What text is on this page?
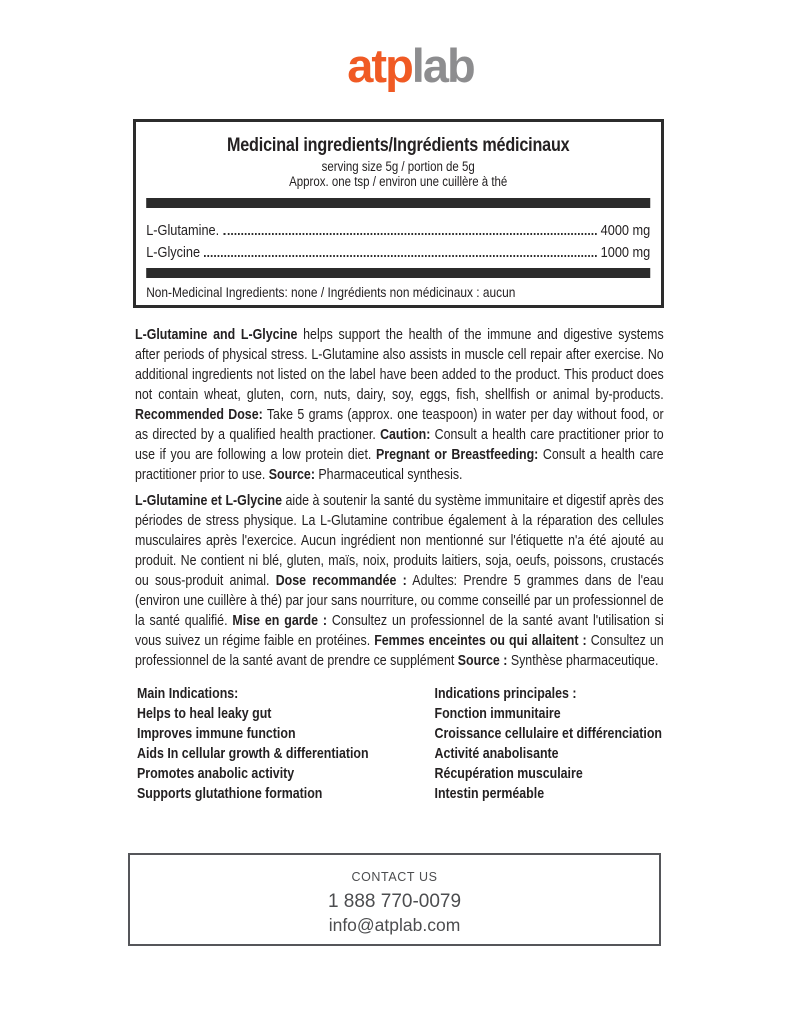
atplab
Medicinal ingredients/Ingrédients médicinaux
serving size 5g / portion de 5g
Approx. one tsp / environ une cuillère à thé
L-Glutamine.	4000 mg
L-Glycine	1000 mg
Non-Medicinal Ingredients: none / Ingrédients non médicinaux : aucun

L-Glutamine and L-Glycine helps support the health of the immune and digestive systems after periods of physical stress. L-Glutamine also assists in muscle cell repair after exercise. No additional ingredients not listed on the label have been added to the product. This product does not contain wheat, gluten, corn, nuts, dairy, soy, eggs, fish, shellfish or animal by-products. Recommended Dose: Take 5 grams (approx. one teaspoon) in water per day without food, or as directed by a qualified health practioner. Caution: Consult a health care practitioner prior to use if you are following a low protein diet. Pregnant or Breastfeeding: Consult a health care practitioner prior to use. Source: Pharmaceutical synthesis.

L-Glutamine et L-Glycine aide à soutenir la santé du système immunitaire et digestif après des périodes de stress physique. La L-Glutamine contribue également à la réparation des cellules musculaires après l'exercice. Aucun ingrédient non mentionné sur l'étiquette n'a été ajouté au produit. Ne contient ni blé, gluten, maïs, noix, produits laitiers, soja, oeufs, poissons, crustacés ou sous-produit animal. Dose recommandée : Adultes: Prendre 5 grammes dans de l'eau (environ une cuillère à thé) par jour sans nourriture, ou comme conseillé par un professionnel de la santé qualifié. Mise en garde : Consultez un professionnel de la santé avant l'utilisation si vous suivez un régime faible en protéines. Femmes enceintes ou qui allaitent : Consultez un professionnel de la santé avant de prendre ce supplément Source : Synthèse pharmaceutique.

Main Indications:
Helps to heal leaky gut
Improves immune function
Aids In cellular growth & differentiation
Promotes anabolic activity
Supports glutathione formation
Indications principales :
Fonction immunitaire
Croissance cellulaire et différenciation
Activité anabolisante
Récupération musculaire
Intestin perméable
CONTACT US
1 888 770-0079
info@atplab.com
